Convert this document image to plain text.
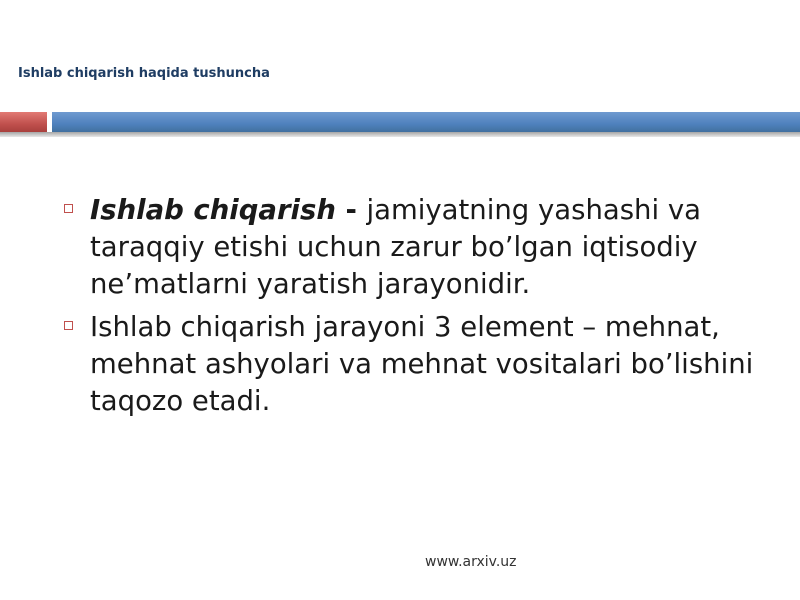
Ishlab chiqarish haqida tushuncha
Ishlab chiqarish - jamiyatning yashashi va taraqqiy etishi uchun zarur bo’lgan iqtisodiy ne’matlarni yaratish jarayonidir.
Ishlab chiqarish jarayoni 3 element – mehnat, mehnat ashyolari va mehnat vositalari bo’lishini taqozo etadi.
www.arxiv.uz
